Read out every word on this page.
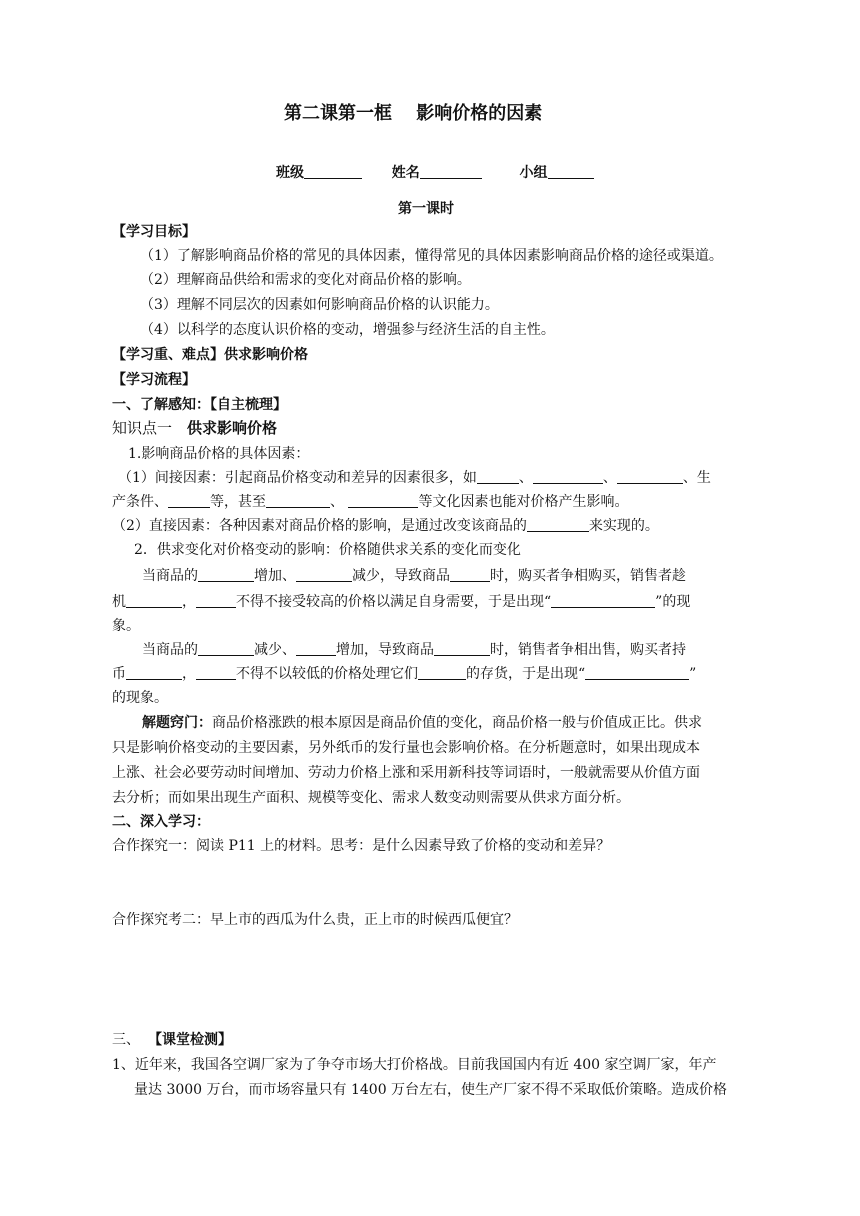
第二课第一框　 影响价格的因素
班级	姓名	小组
第一课时
【学习目标】
（1）了解影响商品价格的常见的具体因素，懂得常见的具体因素影响商品价格的途径或渠道。
（2）理解商品供给和需求的变化对商品价格的影响。
（3）理解不同层次的因素如何影响商品价格的认识能力。
（4）以科学的态度认识价格的变动，增强参与经济生活的自主性。
【学习重、难点】供求影响价格
【学习流程】
一、了解感知：【自主梳理】
知识点一　供求影响价格
1.影响商品价格的具体因素：
（1）间接因素：引起商品价格变动和差异的因素很多，如	、	、	、生
产条件、	等，甚至	、	等文化因素也能对价格产生影响。
（2）直接因素：各种因素对商品价格的影响，是通过改变该商品的	来实现的。
2．供求变化对价格变动的影响：价格随供求关系的变化而变化
当商品的	增加、	减少，导致商品	时，购买者争相购买，销售者趁
机	，	不得不接受较高的价格以满足自身需要，于是出现“	”的现
象。
当商品的	减少、	增加，导致商品	时，销售者争相出售，购买者持
币	，	不得不以较低的价格处理它们	的存货，于是出现“	”
的现象。
解题窍门：商品价格涨跌的根本原因是商品价值的变化，商品价格一般与价值成正比。供求
只是影响价格变动的主要因素，另外纸币的发行量也会影响价格。在分析题意时，如果出现成本
上涨、社会必要劳动时间增加、劳动力价格上涨和采用新科技等词语时，一般就需要从价值方面
去分析；而如果出现生产面积、规模等变化、需求人数变动则需要从供求方面分析。
二、深入学习：
合作探究一：阅读 P11 上的材料。思考：是什么因素导致了价格的变动和差异？
合作探究考二：早上市的西瓜为什么贵，正上市的时候西瓜便宜？
三、 【课堂检测】
1、近年来，我国各空调厂家为了争夺市场大打价格战。目前我国国内有近 400 家空调厂家，年产
量达 3000 万台，而市场容量只有 1400 万台左右，使生产厂家不得不采取低价策略。造成价格
